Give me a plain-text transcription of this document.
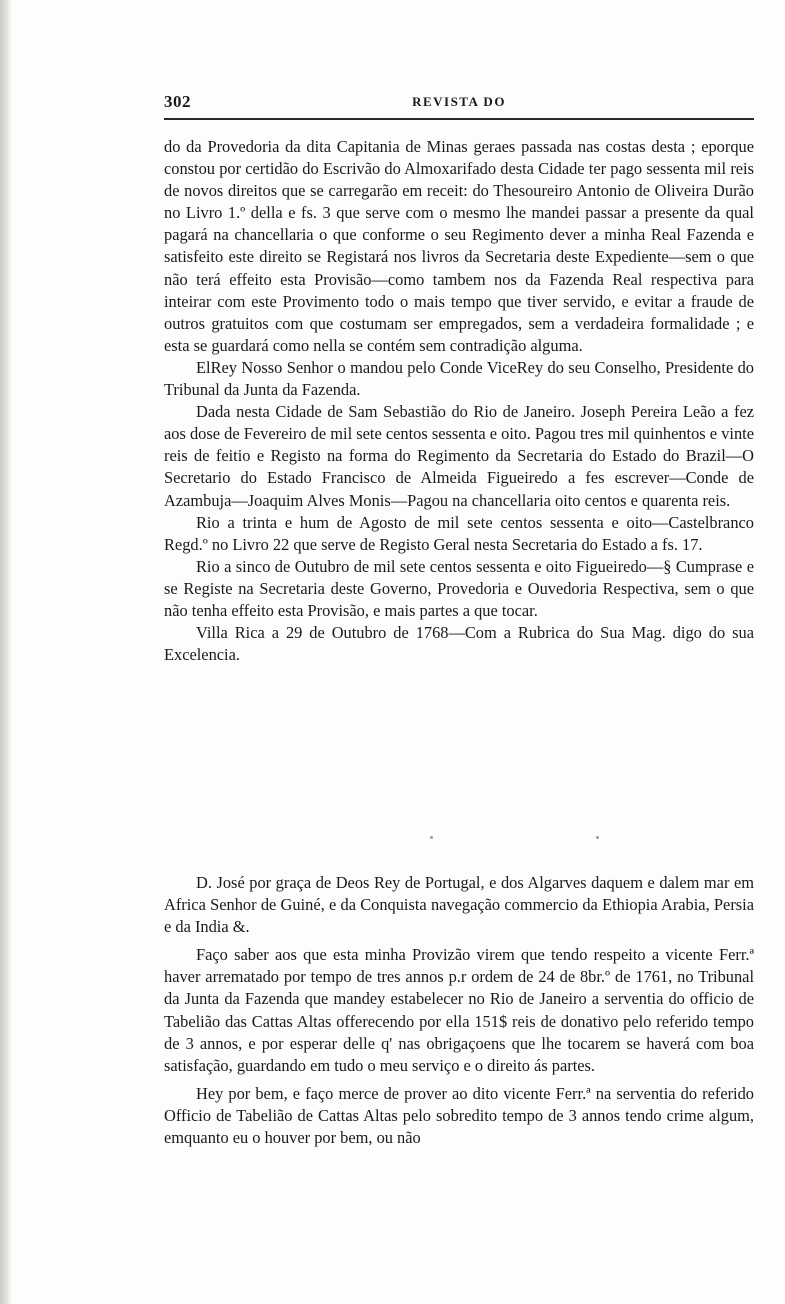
302	REVISTA DO

do da Provedoria da dita Capitania de Minas geraes passada nas costas desta ; eporque constou por certidão do Escrivão do Almoxarifado desta Cidade ter pago sessenta mil reis de novos direitos que se carregarão em receit: do Thesoureiro Antonio de Oliveira Durão no Livro 1.º della e fs. 3 que serve com o mesmo lhe mandei passar a presente da qual pagará na chancellaria o que conforme o seu Regimento dever a minha Real Fazenda e satisfeito este direito se Registará nos livros da Secretaria deste Expediente—sem o que não terá effeito esta Provisão—como tambem nos da Fazenda Real respectiva para inteirar com este Provimento todo o mais tempo que tiver servido, e evitar a fraude de outros gratuitos com que costumam ser empregados, sem a verdadeira formalidade ; e esta se guardará como nella se contém sem contradição alguma.

ElRey Nosso Senhor o mandou pelo Conde ViceRey do seu Conselho, Presidente do Tribunal da Junta da Fazenda.

Dada nesta Cidade de Sam Sebastião do Rio de Janeiro. Joseph Pereira Leão a fez aos dose de Fevereiro de mil sete centos sessenta e oito. Pagou tres mil quinhentos e vinte reis de feitio e Registo na forma do Regimento da Secretaria do Estado do Brazil—O Secretario do Estado Francisco de Almeida Figueiredo a fes escrever—Conde de Azambuja—Joaquim Alves Monis—Pagou na chancellaria oito centos e quarenta reis.

Rio a trinta e hum de Agosto de mil sete centos sessenta e oito—Castelbranco Regd.º no Livro 22 que serve de Registo Geral nesta Secretaria do Estado a fs. 17.

Rio a sinco de Outubro de mil sete centos sessenta e oito Figueiredo—§ Cumprase e se Registe na Secretaria deste Governo, Provedoria e Ouvedoria Respectiva, sem o que não tenha effeito esta Provisão, e mais partes a que tocar.

Villa Rica a 29 de Outubro de 1768—Com a Rubrica do Sua Mag. digo do sua Excelencia.

D. José por graça de Deos Rey de Portugal, e dos Algarves daquem e dalem mar em Africa Senhor de Guiné, e da Conquista navegação commercio da Ethiopia Arabia, Persia e da India &.

Faço saber aos que esta minha Provizão virem que tendo respeito a vicente Ferr.ª haver arrematado por tempo de tres annos p.r ordem de 24 de 8br.º de 1761, no Tribunal da Junta da Fazenda que mandey estabelecer no Rio de Janeiro a serventia do officio de Tabelião das Cattas Altas offerecendo por ella 151$ reis de donativo pelo referido tempo de 3 annos, e por esperar delle q' nas obrigaçoens que lhe tocarem se haverá com boa satisfação, guardando em tudo o meu serviço e o direito ás partes.

Hey por bem, e faço merce de prover ao dito vicente Ferr.ª na serventia do referido Officio de Tabelião de Cattas Altas pelo sobredito tempo de 3 annos tendo crime algum, emquanto eu o houver por bem, ou não
